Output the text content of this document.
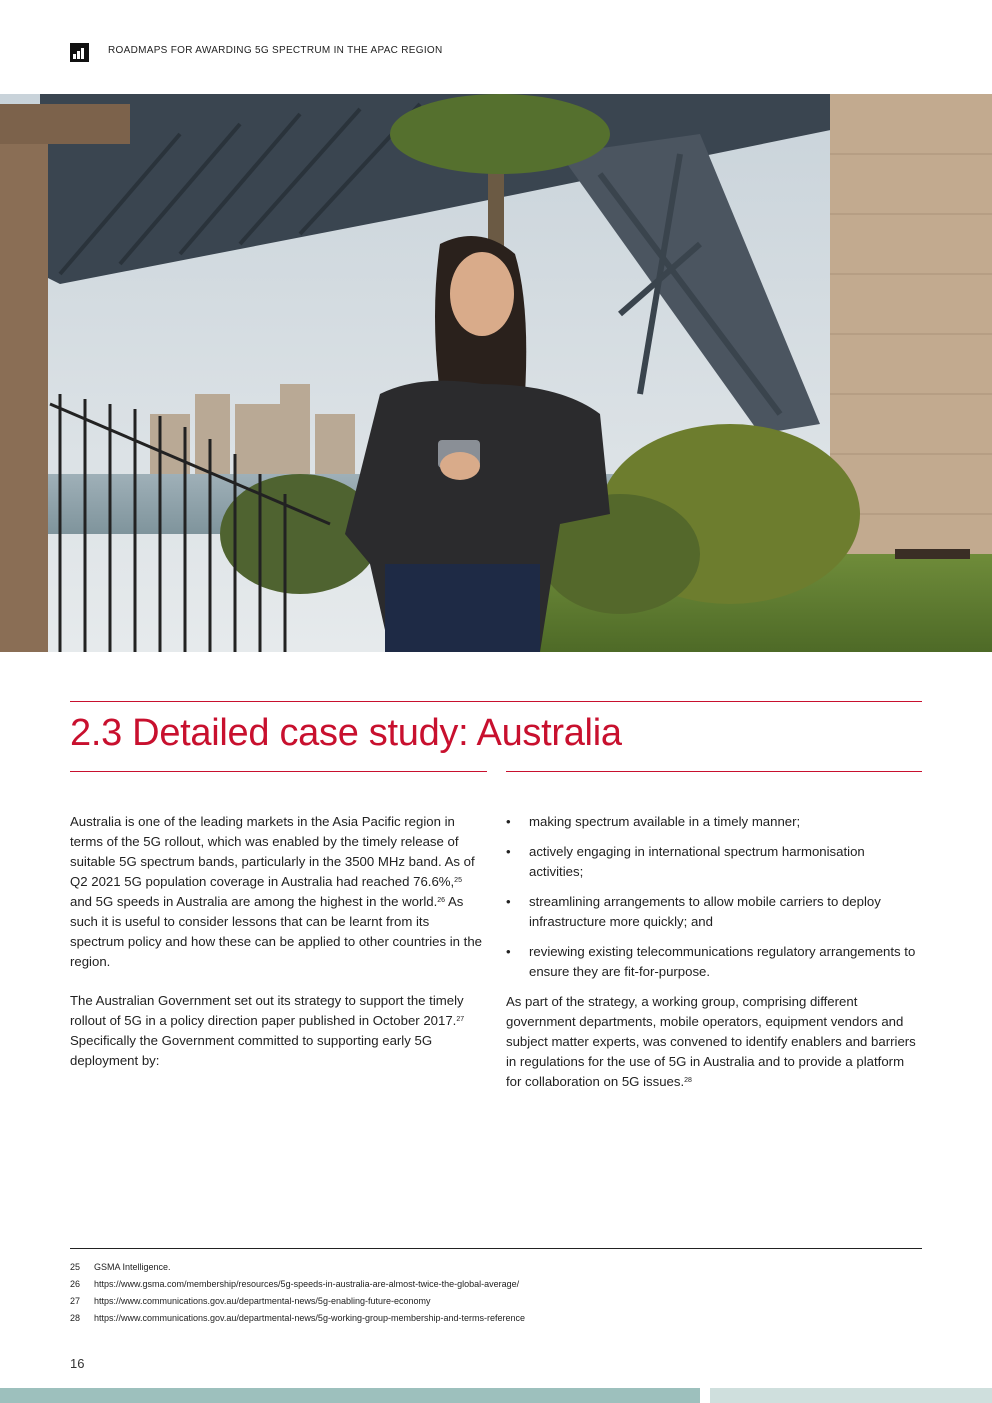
ROADMAPS FOR AWARDING 5G SPECTRUM IN THE APAC REGION
2.3 Detailed case study: Australia

Australia is one of the leading markets in the Asia Pacific region in terms of the 5G rollout, which was enabled by the timely release of suitable 5G spectrum bands, particularly in the 3500 MHz band. As of Q2 2021 5G population coverage in Australia had reached 76.6%,$^{25}$ and 5G speeds in Australia are among the highest in the world.$^{26}$ As such it is useful to consider lessons that can be learnt from its spectrum policy and how these can be applied to other countries in the region.

The Australian Government set out its strategy to support the timely rollout of 5G in a policy direction paper published in October 2017.27 Specifically the Government committed to supporting early 5G deployment by:

• making spectrum available in a timely manner;
• actively engaging in international spectrum harmonisation activities;
• streamlining arrangements to allow mobile carriers to deploy infrastructure more quickly; and
• reviewing existing telecommunications regulatory arrangements to ensure they are fit-for-purpose.

As part of the strategy, a working group, comprising different government departments, mobile operators, equipment vendors and subject matter experts, was convened to identify enablers and barriers in regulations for the use of 5G in Australia and to provide a platform for collaboration on 5G issues.$^{28}$

25	GSMA Intelligence.
26	https://www.gsma.com/membership/resources/5g-speeds-in-australia-are-almost-twice-the-global-average/
27	https://www.communications.gov.au/departmental-news/5g-enabling-future-economy
28	https://www.communications.gov.au/departmental-news/5g-working-group-membership-and-terms-reference
16
